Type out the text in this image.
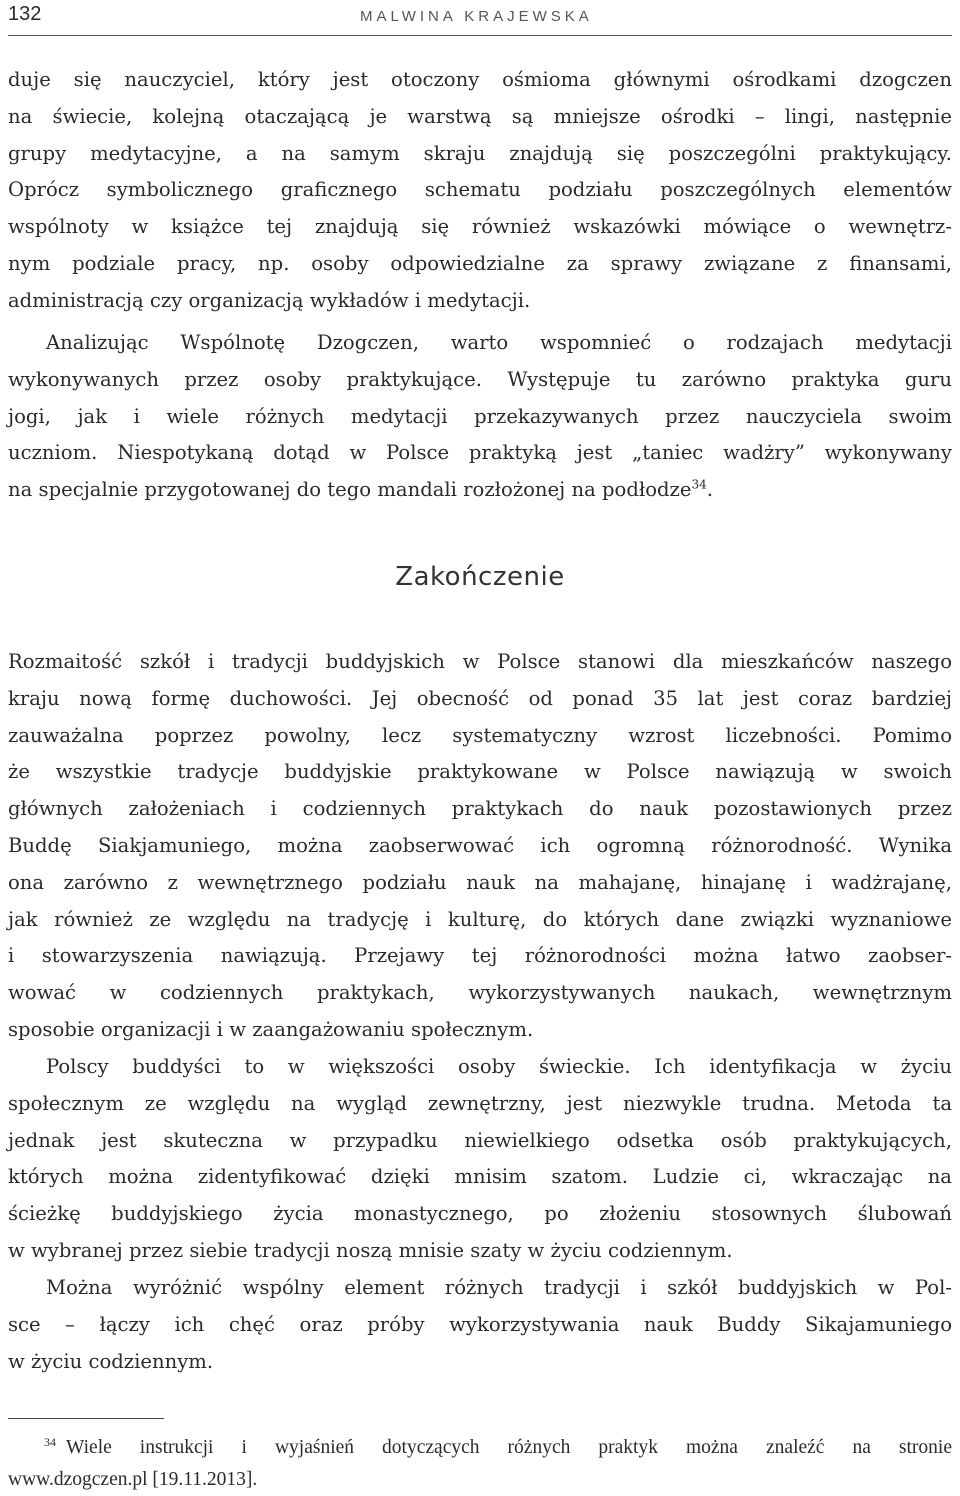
132	MALWINA KRAJEWSKA
duje się nauczyciel, który jest otoczony ośmioma głównymi ośrodkami dzogczen
na świecie, kolejną otaczającą je warstwą są mniejsze ośrodki – lingi, następnie
grupy medytacyjne, a na samym skraju znajdują się poszczególni praktykujący.
Oprócz symbolicznego graficznego schematu podziału poszczególnych elementów
wspólnoty w książce tej znajdują się również wskazówki mówiące o wewnętrz-
nym podziale pracy, np. osoby odpowiedzialne za sprawy związane z finansami,
administracją czy organizacją wykładów i medytacji.
Analizując Wspólnotę Dzogczen, warto wspomnieć o rodzajach medytacji
wykonywanych przez osoby praktykujące. Występuje tu zarówno praktyka guru
jogi, jak i wiele różnych medytacji przekazywanych przez nauczyciela swoim
uczniom. Niespotykaną dotąd w Polsce praktyką jest „taniec wadżry” wykonywany
na specjalnie przygotowanej do tego mandali rozłożonej na podłodze$^{34}$.
Zakończenie
Rozmaitość szkół i tradycji buddyjskich w Polsce stanowi dla mieszkańców naszego
kraju nową formę duchowości. Jej obecność od ponad 35 lat jest coraz bardziej
zauważalna poprzez powolny, lecz systematyczny wzrost liczebności. Pomimo
że wszystkie tradycje buddyjskie praktykowane w Polsce nawiązują w swoich
głównych założeniach i codziennych praktykach do nauk pozostawionych przez
Buddę Siakjamuniego, można zaobserwować ich ogromną różnorodność. Wynika
ona zarówno z wewnętrznego podziału nauk na mahajanę, hinajanę i wadżrajanę,
jak również ze względu na tradycję i kulturę, do których dane związki wyznaniowe
i stowarzyszenia nawiązują. Przejawy tej różnorodności można łatwo zaobser-
wować w codziennych praktykach, wykorzystywanych naukach, wewnętrznym
sposobie organizacji i w zaangażowaniu społecznym.
Polscy buddyści to w większości osoby świeckie. Ich identyfikacja w życiu
społecznym ze względu na wygląd zewnętrzny, jest niezwykle trudna. Metoda ta
jednak jest skuteczna w przypadku niewielkiego odsetka osób praktykujących,
których można zidentyfikować dzięki mnisim szatom. Ludzie ci, wkraczając na
ścieżkę buddyjskiego życia monastycznego, po złożeniu stosownych ślubowań
w wybranej przez siebie tradycji noszą mnisie szaty w życiu codziennym.
Można wyróżnić wspólny element różnych tradycji i szkół buddyjskich w Pol-
sce – łączy ich chęć oraz próby wykorzystywania nauk Buddy Sikajamuniego
w życiu codziennym.
$^{34}$ Wiele instrukcji i wyjaśnień dotyczących różnych praktyk można znaleźć na stronie
www.dzogczen.pl [19.11.2013].
